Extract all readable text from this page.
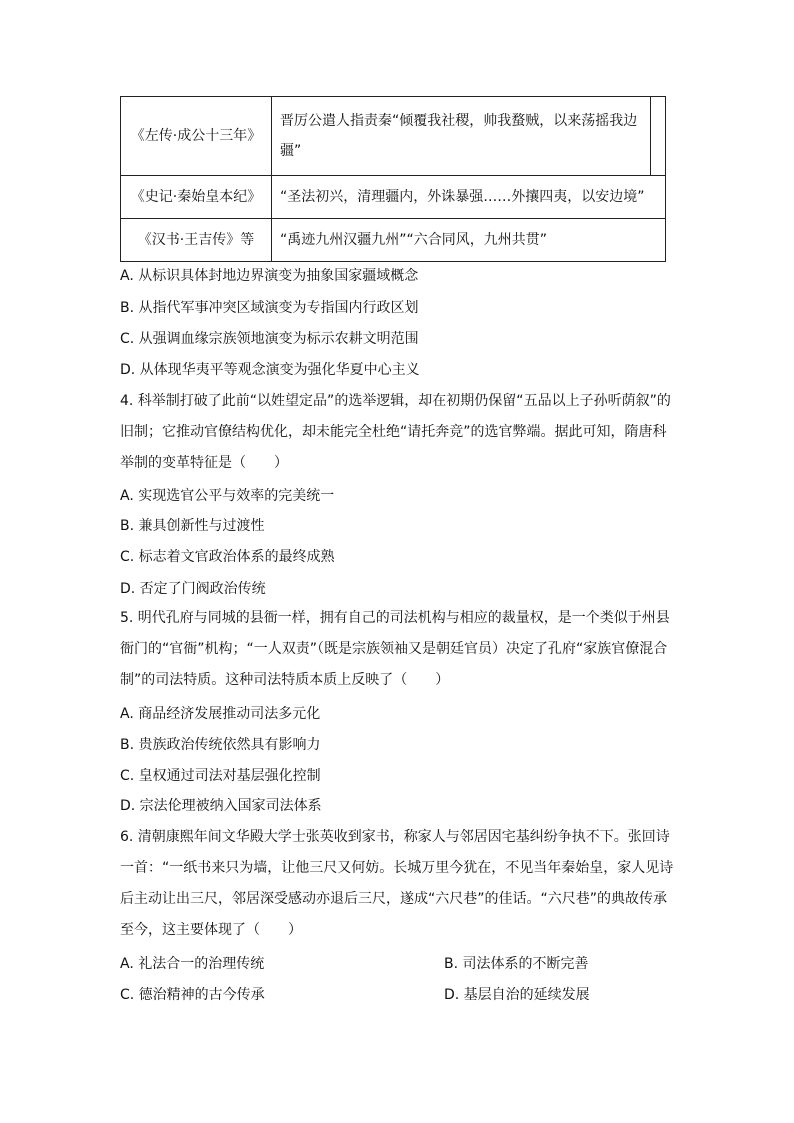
《左传·成公十三年》	晋厉公遣人指责秦“倾覆我社稷，帅我蝥贼，以来荡摇我边疆”

《史记·秦始皇本纪》	“圣法初兴，清理疆内，外诛暴强……外攘四夷，以安边境”
《汉书·王吉传》等	“禹迹九州汉疆九州”“六合同风，九州共贯”
A. 从标识具体封地边界演变为抽象国家疆域概念
B. 从指代军事冲突区域演变为专指国内行政区划
C. 从强调血缘宗族领地演变为标示农耕文明范围
D. 从体现华夷平等观念演变为强化华夏中心主义
4. 科举制打破了此前“以姓望定品”的选举逻辑，却在初期仍保留“五品以上子孙听荫叙”的旧制；它推动官僚结构优化，却未能完全杜绝“请托奔竞”的选官弊端。据此可知，隋唐科举制的变革特征是（　　）
A. 实现选官公平与效率的完美统一
B. 兼具创新性与过渡性
C. 标志着文官政治体系的最终成熟
D. 否定了门阀政治传统
5. 明代孔府与同城的县衙一样，拥有自己的司法机构与相应的裁量权，是一个类似于州县衙门的“官衙”机构；“一人双责”（既是宗族领袖又是朝廷官员）决定了孔府“家族官僚混合制”的司法特质。这种司法特质本质上反映了（　　）
A. 商品经济发展推动司法多元化
B. 贵族政治传统依然具有影响力
C. 皇权通过司法对基层强化控制
D. 宗法伦理被纳入国家司法体系
6. 清朝康熙年间文华殿大学士张英收到家书，称家人与邻居因宅基纠纷争执不下。张回诗一首：“一纸书来只为墙，让他三尺又何妨。长城万里今犹在，不见当年秦始皇，家人见诗后主动让出三尺，邻居深受感动亦退后三尺，遂成“六尺巷”的佳话。“六尺巷”的典故传承至今，这主要体现了（　　）
A. 礼法合一的治理传统	B. 司法体系的不断完善
C. 德治精神的古今传承	D. 基层自治的延续发展
